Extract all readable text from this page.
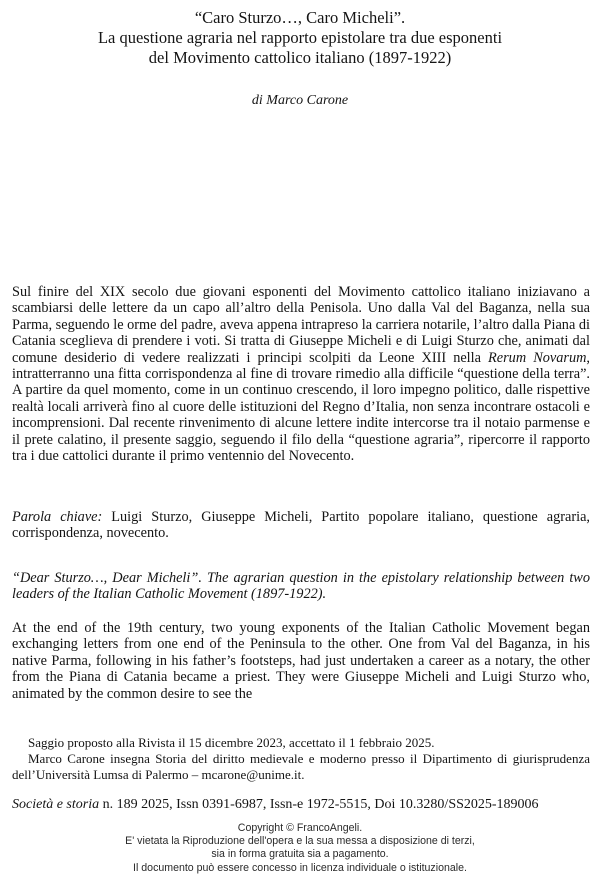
“Caro Sturzo…, Caro Micheli”.
La questione agraria nel rapporto epistolare tra due esponenti
del Movimento cattolico italiano (1897-1922)
di Marco Carone
Sul finire del XIX secolo due giovani esponenti del Movimento cattolico italiano iniziavano a scambiarsi delle lettere da un capo all’altro della Penisola. Uno dalla Val del Baganza, nella sua Parma, seguendo le orme del padre, aveva appena intrapreso la carriera notarile, l’altro dalla Piana di Catania sceglieva di prendere i voti. Si tratta di Giuseppe Micheli e di Luigi Sturzo che, animati dal comune desiderio di vedere realizzati i principi scolpiti da Leone XIII nella Rerum Novarum, intratterranno una fitta corrispondenza al fine di trovare rimedio alla difficile “questione della terra”. A partire da quel momento, come in un continuo crescendo, il loro impegno politico, dalle rispettive realtà locali arriverà fino al cuore delle istituzioni del Regno d’Italia, non senza incontrare ostacoli e incomprensioni. Dal recente rinvenimento di alcune lettere indite intercorse tra il notaio parmense e il prete calatino, il presente saggio, seguendo il filo della “questione agraria”, ripercorre il rapporto tra i due cattolici durante il primo ventennio del Novecento.
Parola chiave: Luigi Sturzo, Giuseppe Micheli, Partito popolare italiano, questione agraria, corrispondenza, novecento.
“Dear Sturzo…, Dear Micheli”. The agrarian question in the epistolary relationship between two leaders of the Italian Catholic Movement (1897-1922).
At the end of the 19th century, two young exponents of the Italian Catholic Movement began exchanging letters from one end of the Peninsula to the other. One from Val del Baganza, in his native Parma, following in his father’s footsteps, had just undertaken a career as a notary, the other from the Piana di Catania became a priest. They were Giuseppe Micheli and Luigi Sturzo who, animated by the common desire to see the

Saggio proposto alla Rivista il 15 dicembre 2023, accettato il 1 febbraio 2025.

Marco Carone insegna Storia del diritto medievale e moderno presso il Dipartimento di giurisprudenza dell’Università Lumsa di Palermo – mcarone@unime.it.

Società e storia n. 189 2025, Issn 0391-6987, Issn-e 1972-5515, Doi 10.3280/SS2025-189006
Copyright © FrancoAngeli.
E' vietata la Riproduzione dell'opera e la sua messa a disposizione di terzi,
sia in forma gratuita sia a pagamento.
Il documento può essere concesso in licenza individuale o istituzionale.
